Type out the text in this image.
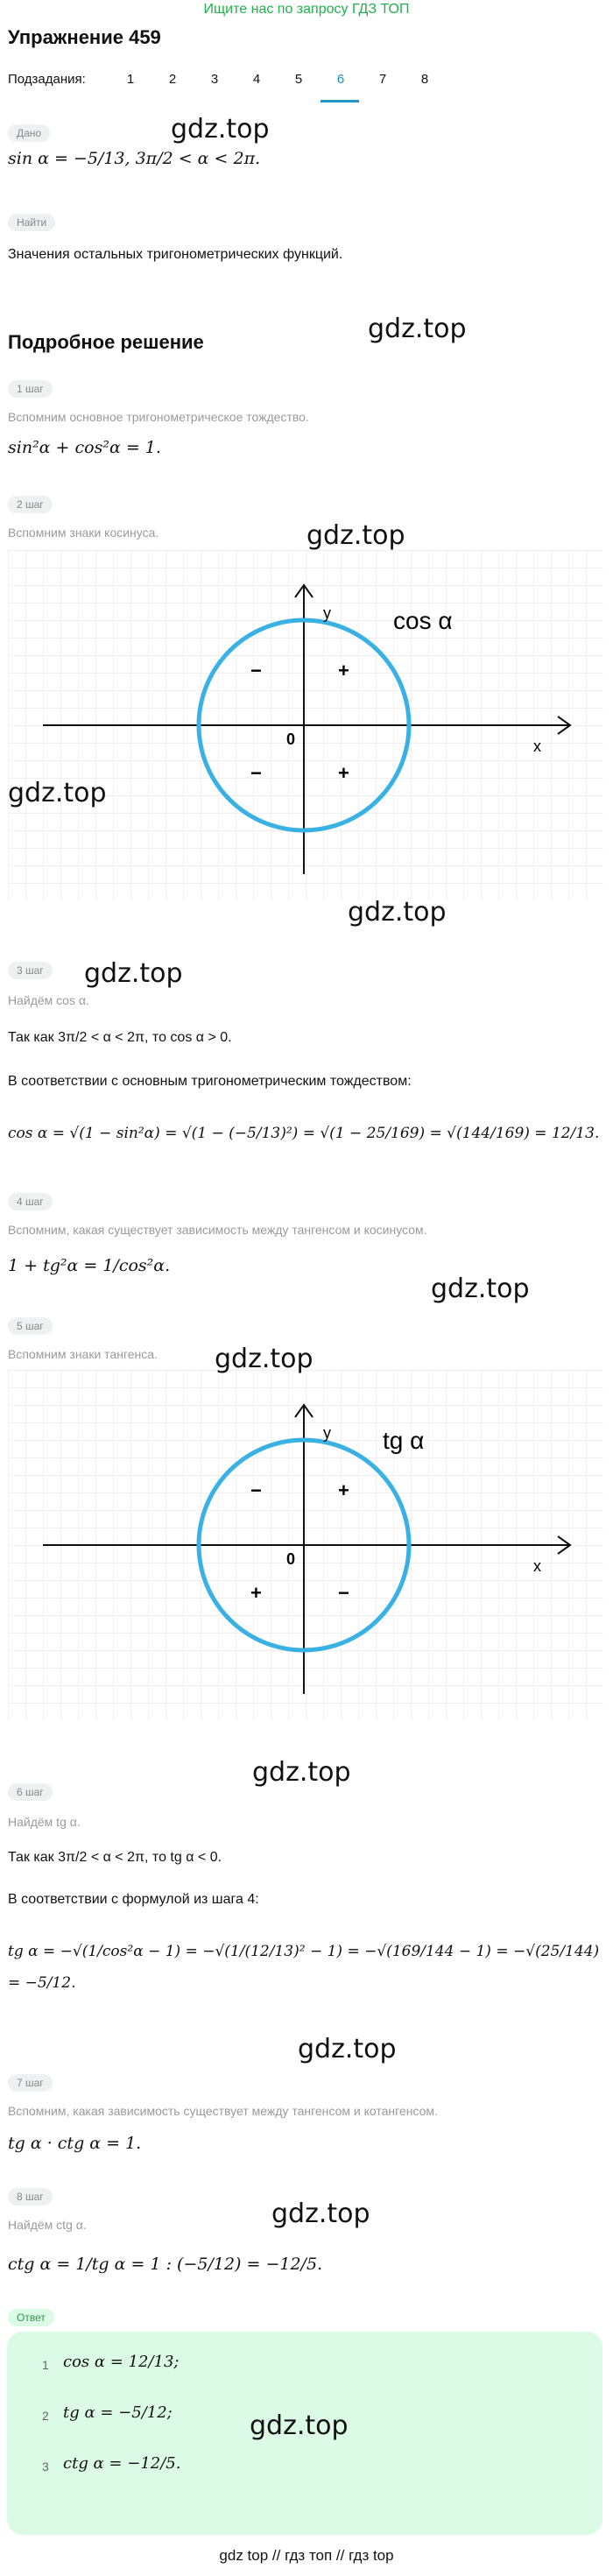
Ищите нас по запросу ГДЗ ТОП
Упражнение 459
Подзадания:	1	2	3	4	5	6	7	8
Дано
sin α = −5/13, 3π/2 < α < 2π.
Найти
Значения остальных тригонометрических функций.
Подробное решение
1 шаг
Вспомним основное тригонометрическое тождество.
sin²α + cos²α = 1.
2 шаг
Вспомним знаки косинуса.
y
x
0
cos α
−	+
−	+
3 шаг
Найдём cos α.
Так как 3π/2 < α < 2π, то cos α > 0.
В соответствии с основным тригонометрическим тождеством:
cos α = √(1 − sin²α) = √(1 − (−5/13)²) = √(1 − 25/169) = √(144/169) = 12/13.
4 шаг
Вспомним, какая существует зависимость между тангенсом и косинусом.
1 + tg²α = 1/cos²α.
5 шаг
Вспомним знаки тангенса.
y
x
0
tg α
−	+
+	−
6 шаг
Найдём tg α.
Так как 3π/2 < α < 2π, то tg α < 0.
В соответствии с формулой из шага 4:
tg α = −√(1/cos²α − 1) = −√(1/(12/13)² − 1) = −√(169/144 − 1) = −√(25/144) = −5/12.
7 шаг
Вспомним, какая зависимость существует между тангенсом и котангенсом.
tg α · ctg α = 1.
8 шаг
Найдём ctg α.
ctg α = 1/tg α = 1 : (−5/12) = −12/5.
Ответ
1 cos α = 12/13;
2 tg α = −5/12;
3 ctg α = −12/5.
gdz.top
gdz.top
gdz.top
gdz.top
gdz.top
gdz.top
gdz.top
gdz.top
gdz.top
gdz.top
gdz.top
gdz.top
gdz top // гдз топ // гдз top
